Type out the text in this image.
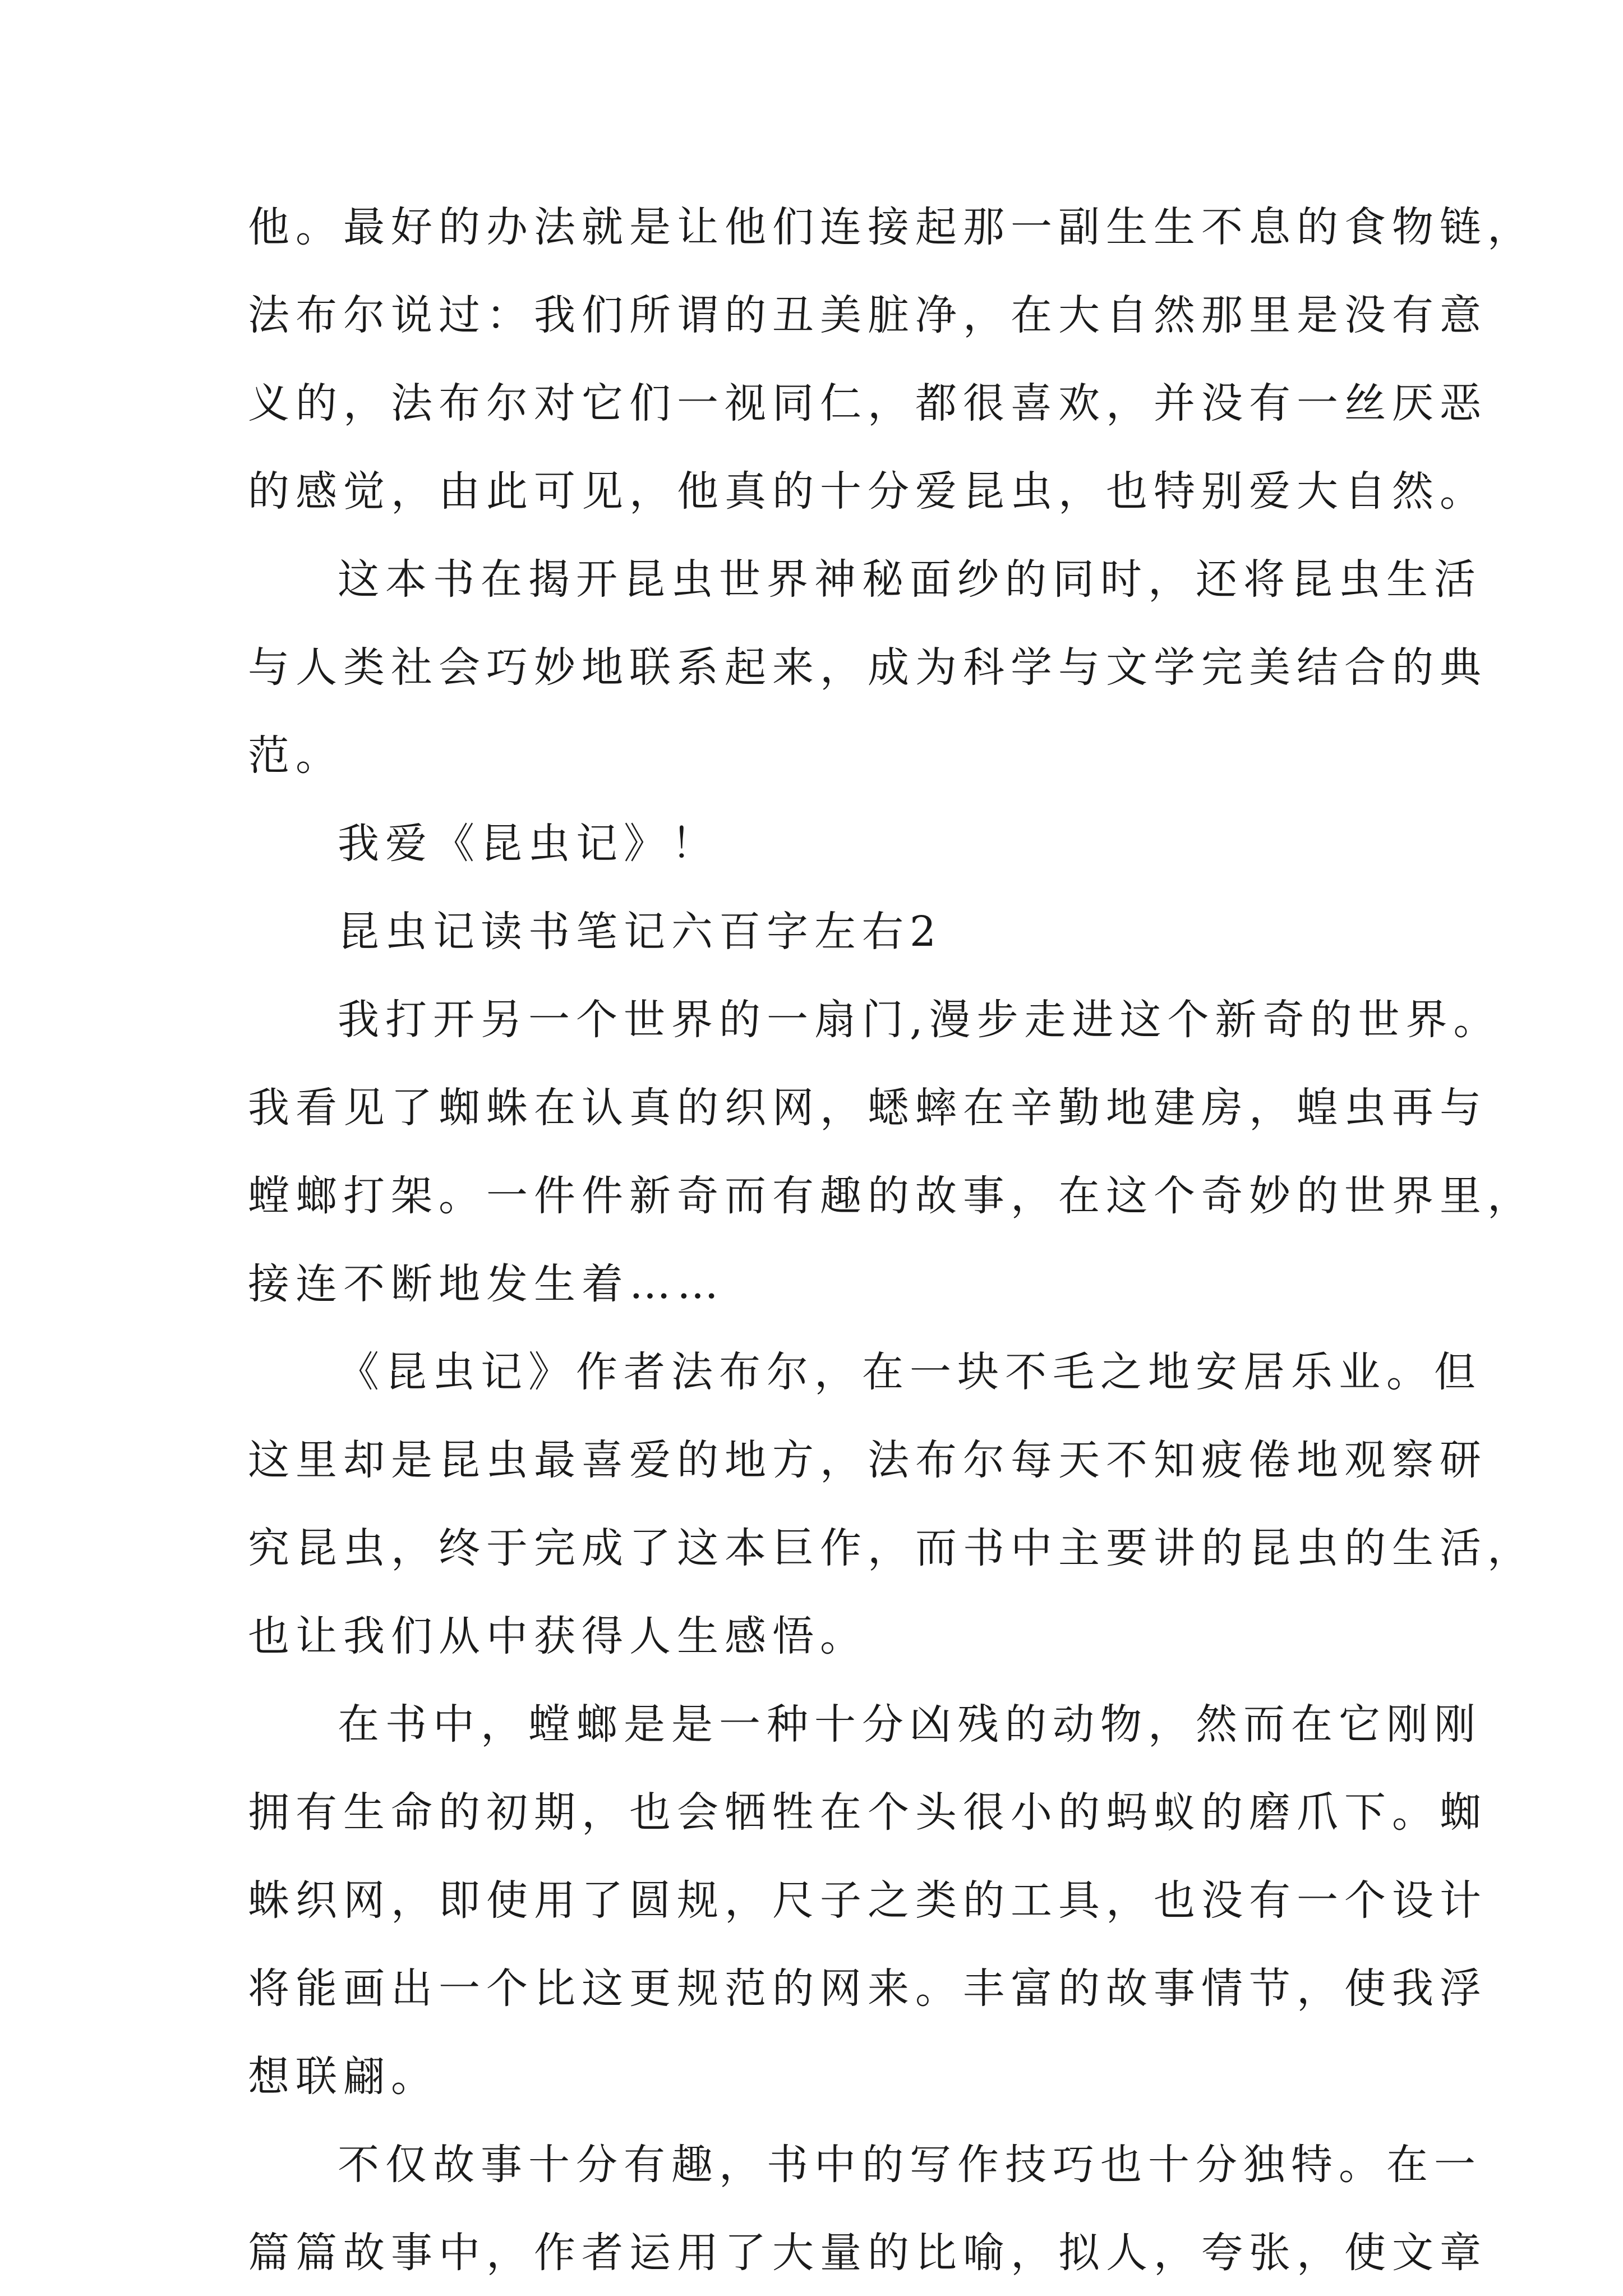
他。最好的办法就是让他们连接起那一副生生不息的食物链，
法布尔说过：我们所谓的丑美脏净，在大自然那里是没有意
义的，法布尔对它们一视同仁，都很喜欢，并没有一丝厌恶
的感觉，由此可见，他真的十分爱昆虫，也特别爱大自然。
这本书在揭开昆虫世界神秘面纱的同时，还将昆虫生活
与人类社会巧妙地联系起来，成为科学与文学完美结合的典
范。
我爱《昆虫记》！
昆虫记读书笔记六百字左右2
我打开另一个世界的一扇门,漫步走进这个新奇的世界。
我看见了蜘蛛在认真的织网，蟋蟀在辛勤地建房，蝗虫再与
螳螂打架。一件件新奇而有趣的故事，在这个奇妙的世界里，
接连不断地发生着……
《昆虫记》作者法布尔，在一块不毛之地安居乐业。但
这里却是昆虫最喜爱的地方，法布尔每天不知疲倦地观察研
究昆虫，终于完成了这本巨作，而书中主要讲的昆虫的生活，
也让我们从中获得人生感悟。
在书中，螳螂是是一种十分凶残的动物，然而在它刚刚
拥有生命的初期，也会牺牲在个头很小的蚂蚁的磨爪下。蜘
蛛织网，即使用了圆规，尺子之类的工具，也没有一个设计
将能画出一个比这更规范的网来。丰富的故事情节，使我浮
想联翩。
不仅故事十分有趣，书中的写作技巧也十分独特。在一
篇篇故事中，作者运用了大量的比喻，拟人，夸张，使文章
